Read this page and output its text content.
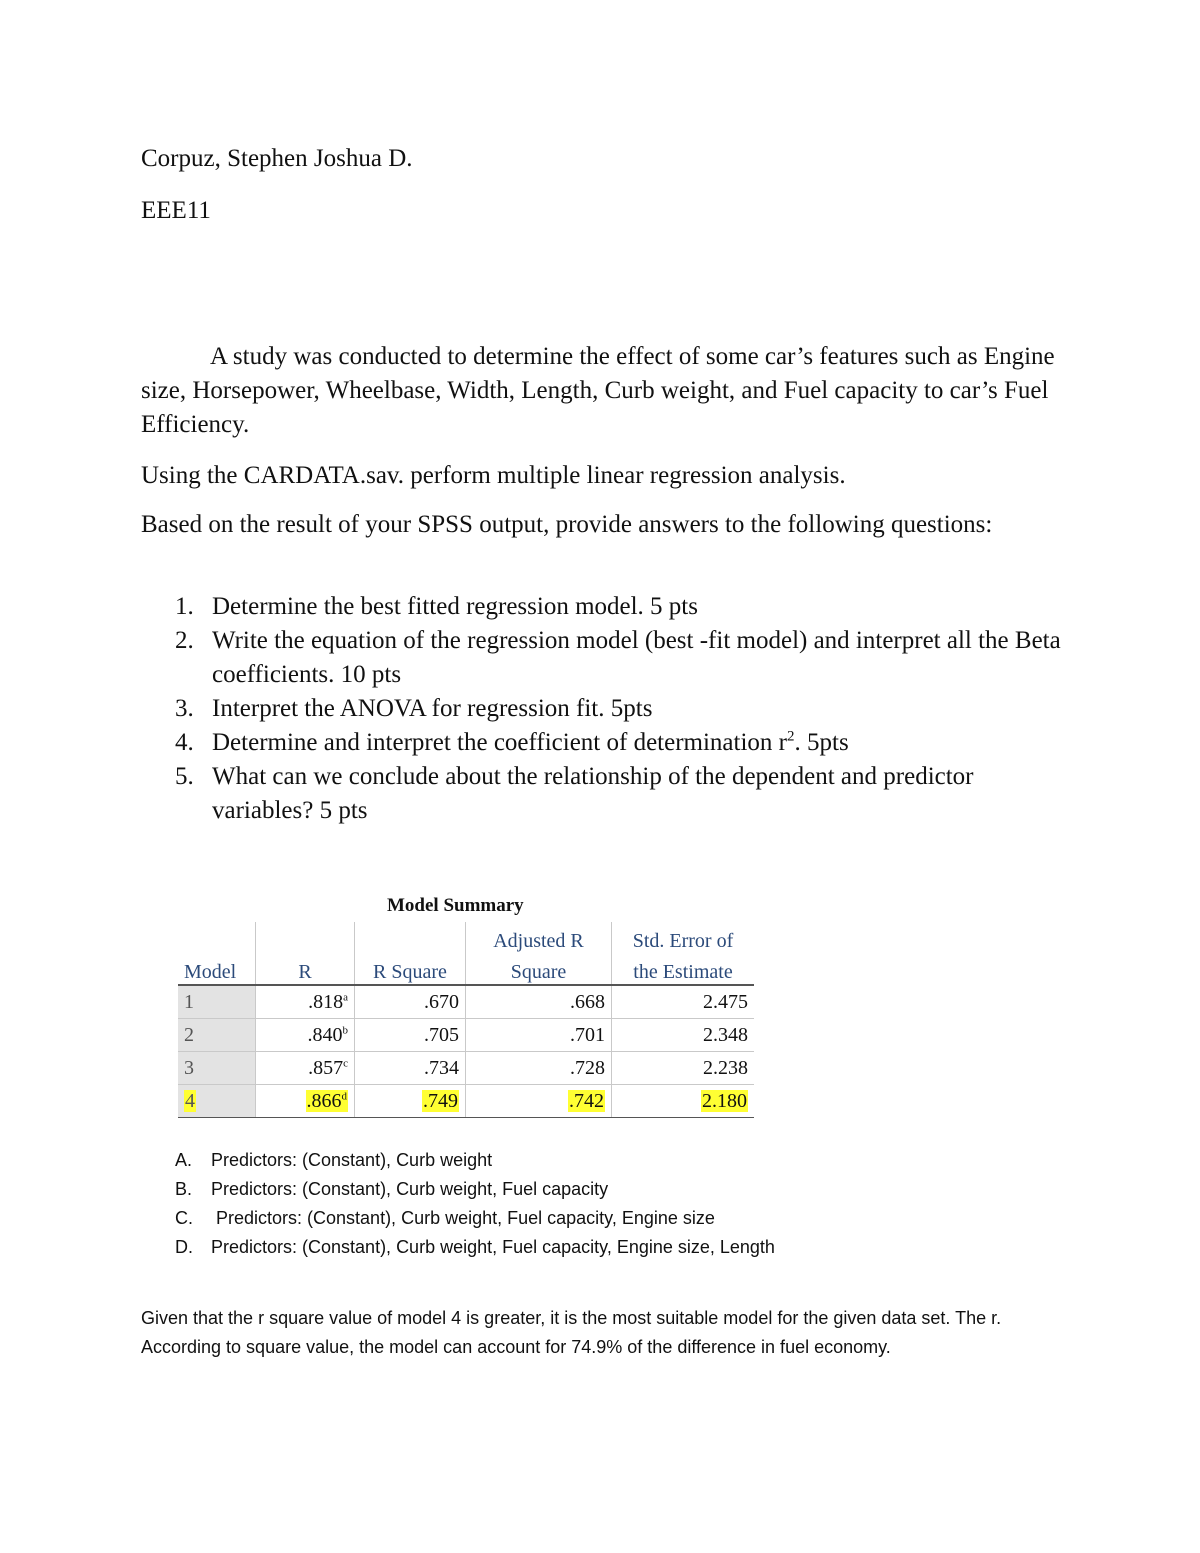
Corpuz, Stephen Joshua D.
EEE11
A study was conducted to determine the effect of some car’s features such as Engine size, Horsepower, Wheelbase, Width, Length, Curb weight, and Fuel capacity to car’s Fuel Efficiency.
Using the CARDATA.sav. perform multiple linear regression analysis.
Based on the result of your SPSS output, provide answers to the following questions:
1. Determine the best fitted regression model. 5 pts
2. Write the equation of the regression model (best -fit model) and interpret all the Beta coefficients. 10 pts
3. Interpret the ANOVA for regression fit. 5pts
4. Determine and interpret the coefficient of determination $r^2$. 5pts
5. What can we conclude about the relationship of the dependent and predictor variables? 5 pts
Model Summary
			Adjusted R	Std. Error of
Model	R	R Square	Square	the Estimate
1	.818$^a$	.670	.668	2.475
2	.840$^b$	.705	.701	2.348
3	.857$^c$	.734	.728	2.238
4	.866$^d$	.749	.742	2.180
A. Predictors: (Constant), Curb weight
B. Predictors: (Constant), Curb weight, Fuel capacity
C. Predictors: (Constant), Curb weight, Fuel capacity, Engine size
D. Predictors: (Constant), Curb weight, Fuel capacity, Engine size, Length
Given that the r square value of model 4 is greater, it is the most suitable model for the given data set. The r. According to square value, the model can account for 74.9% of the difference in fuel economy.
